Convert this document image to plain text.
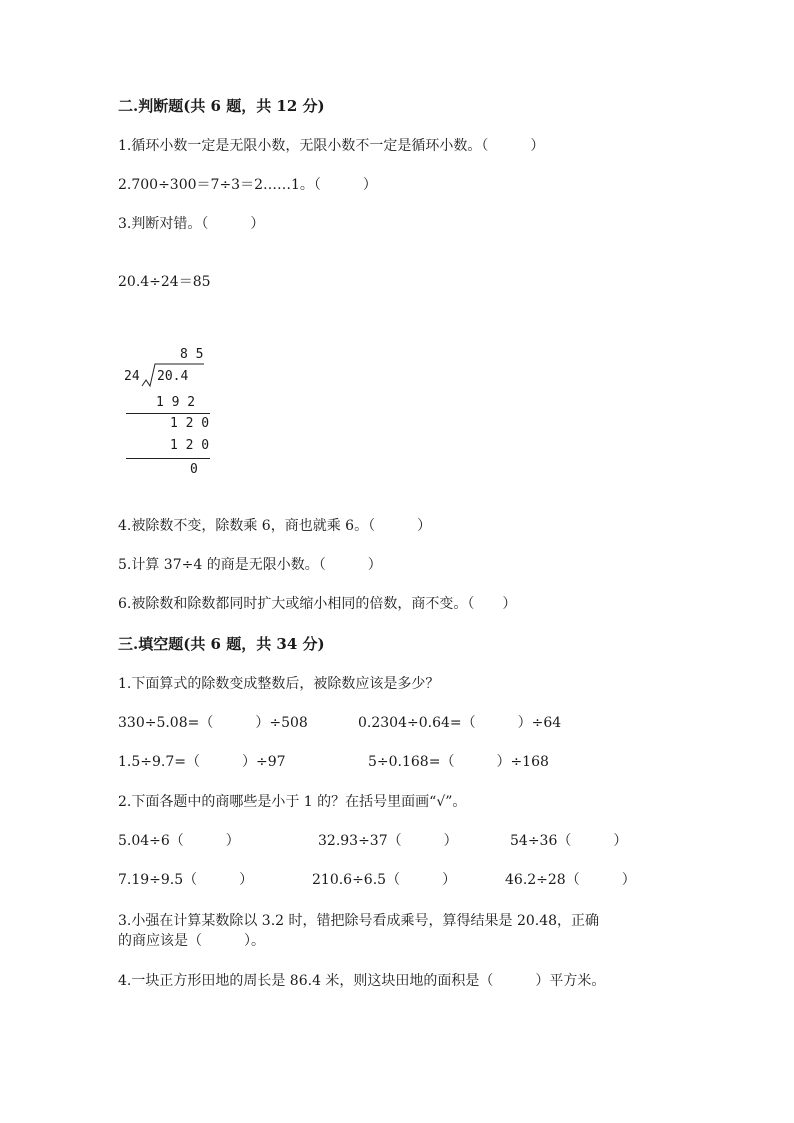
二.判断题(共 6 题，共 12 分)
1.循环小数一定是无限小数，无限小数不一定是循环小数。（　　　）
2.700÷300＝7÷3＝2……1。（　　　）
3.判断对错。（　　　）
20.4÷24＝85
8 5
24 20.4
1 9 2
1 2 0
1 2 0
0
4.被除数不变，除数乘 6，商也就乘 6。（　　　）
5.计算 37÷4 的商是无限小数。（　　　）
6.被除数和除数都同时扩大或缩小相同的倍数，商不变。（　　）
三.填空题(共 6 题，共 34 分)
1.下面算式的除数变成整数后，被除数应该是多少？
330÷5.08=（　　　）÷508	0.2304÷0.64=（　　　）÷64
1.5÷9.7=（　　　）÷97	5÷0.168=（　　　）÷168
2.下面各题中的商哪些是小于 1 的？在括号里面画“√”。
5.04÷6（　　　）	32.93÷37（　　　）	54÷36（　　　）
7.19÷9.5（　　　）	210.6÷6.5（　　　）	46.2÷28（　　　）
3.小强在计算某数除以 3.2 时，错把除号看成乘号，算得结果是 20.48，正确
的商应该是（　　　）。
4.一块正方形田地的周长是 86.4 米，则这块田地的面积是（　　　）平方米。
